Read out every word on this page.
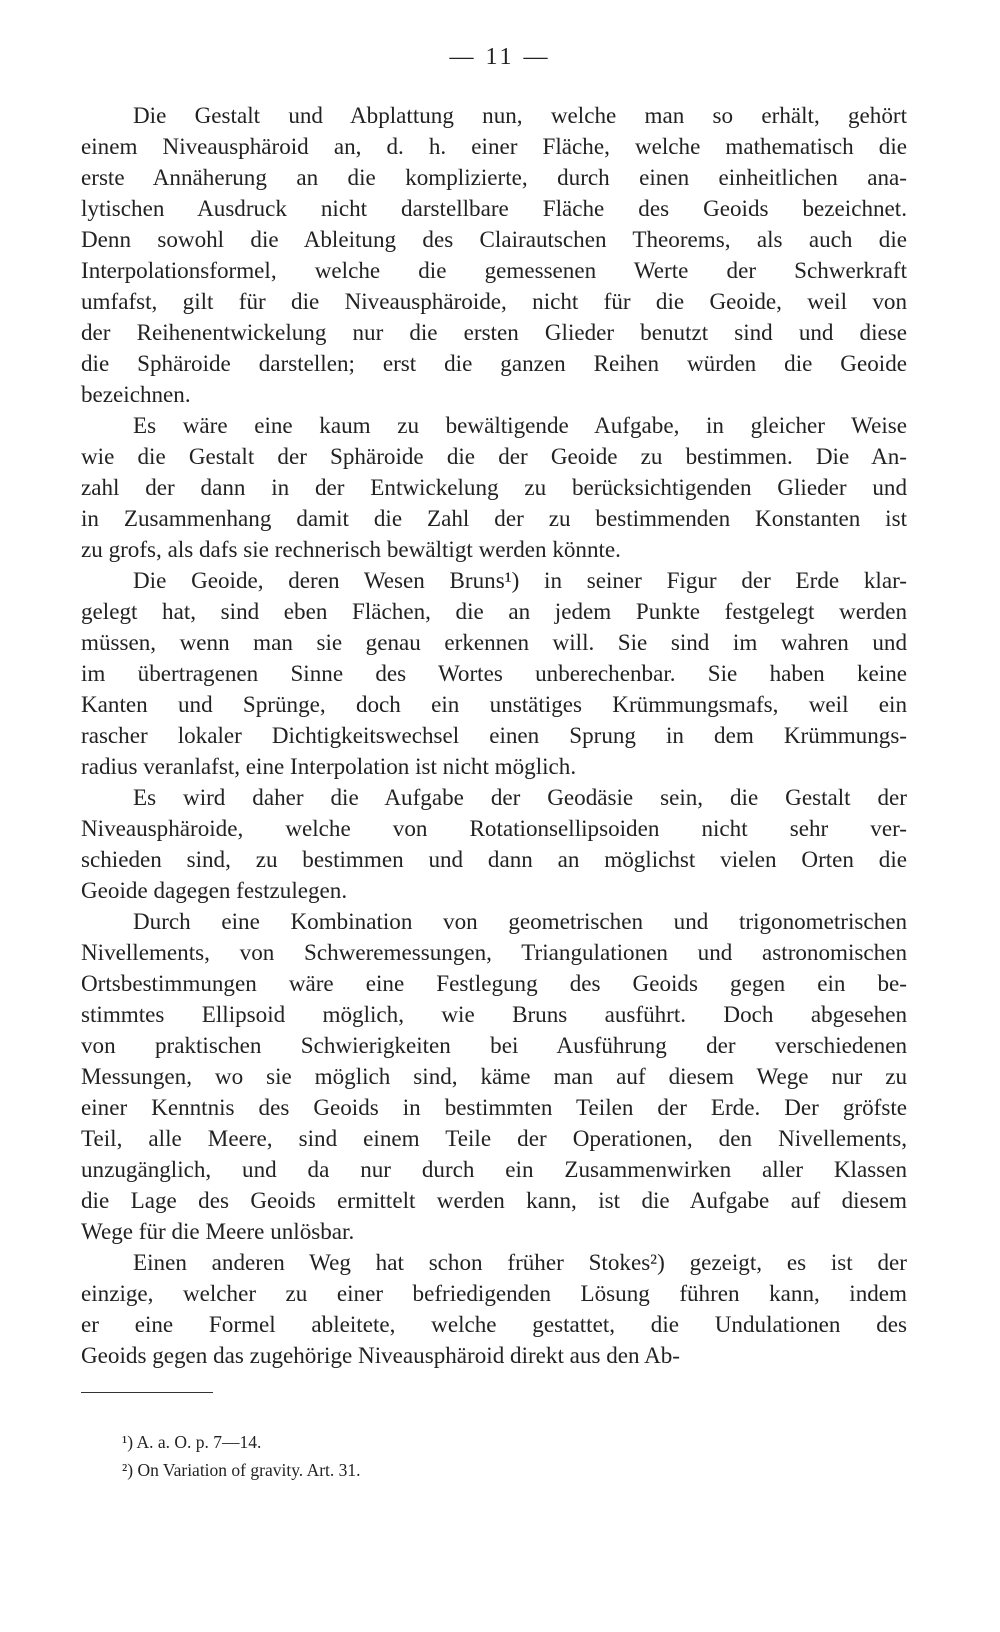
— 11 —
Die Gestalt und Abplattung nun, welche man so erhält, gehört
einem Niveausphäroid an, d. h. einer Fläche, welche mathematisch die
erste Annäherung an die komplizierte, durch einen einheitlichen ana-
lytischen Ausdruck nicht darstellbare Fläche des Geoids bezeichnet.
Denn sowohl die Ableitung des Clairautschen Theorems, als auch die
Interpolationsformel, welche die gemessenen Werte der Schwerkraft
umfafst, gilt für die Niveausphäroide, nicht für die Geoide, weil von
der Reihenentwickelung nur die ersten Glieder benutzt sind und diese
die Sphäroide darstellen; erst die ganzen Reihen würden die Geoide
bezeichnen.
Es wäre eine kaum zu bewältigende Aufgabe, in gleicher Weise
wie die Gestalt der Sphäroide die der Geoide zu bestimmen. Die An-
zahl der dann in der Entwickelung zu berücksichtigenden Glieder und
in Zusammenhang damit die Zahl der zu bestimmenden Konstanten ist
zu grofs, als dafs sie rechnerisch bewältigt werden könnte.
Die Geoide, deren Wesen Bruns¹) in seiner Figur der Erde klar-
gelegt hat, sind eben Flächen, die an jedem Punkte festgelegt werden
müssen, wenn man sie genau erkennen will. Sie sind im wahren und
im übertragenen Sinne des Wortes unberechenbar. Sie haben keine
Kanten und Sprünge, doch ein unstätiges Krümmungsmafs, weil ein
rascher lokaler Dichtigkeitswechsel einen Sprung in dem Krümmungs-
radius veranlafst, eine Interpolation ist nicht möglich.
Es wird daher die Aufgabe der Geodäsie sein, die Gestalt der
Niveausphäroide, welche von Rotationsellipsoiden nicht sehr ver-
schieden sind, zu bestimmen und dann an möglichst vielen Orten die
Geoide dagegen festzulegen.
Durch eine Kombination von geometrischen und trigonometrischen
Nivellements, von Schweremessungen, Triangulationen und astronomischen
Ortsbestimmungen wäre eine Festlegung des Geoids gegen ein be-
stimmtes Ellipsoid möglich, wie Bruns ausführt. Doch abgesehen
von praktischen Schwierigkeiten bei Ausführung der verschiedenen
Messungen, wo sie möglich sind, käme man auf diesem Wege nur zu
einer Kenntnis des Geoids in bestimmten Teilen der Erde. Der gröfste
Teil, alle Meere, sind einem Teile der Operationen, den Nivellements,
unzugänglich, und da nur durch ein Zusammenwirken aller Klassen
die Lage des Geoids ermittelt werden kann, ist die Aufgabe auf diesem
Wege für die Meere unlösbar.
Einen anderen Weg hat schon früher Stokes²) gezeigt, es ist der
einzige, welcher zu einer befriedigenden Lösung führen kann, indem
er eine Formel ableitete, welche gestattet, die Undulationen des
Geoids gegen das zugehörige Niveausphäroid direkt aus den Ab-
¹) A. a. O. p. 7—14.
²) On Variation of gravity. Art. 31.
